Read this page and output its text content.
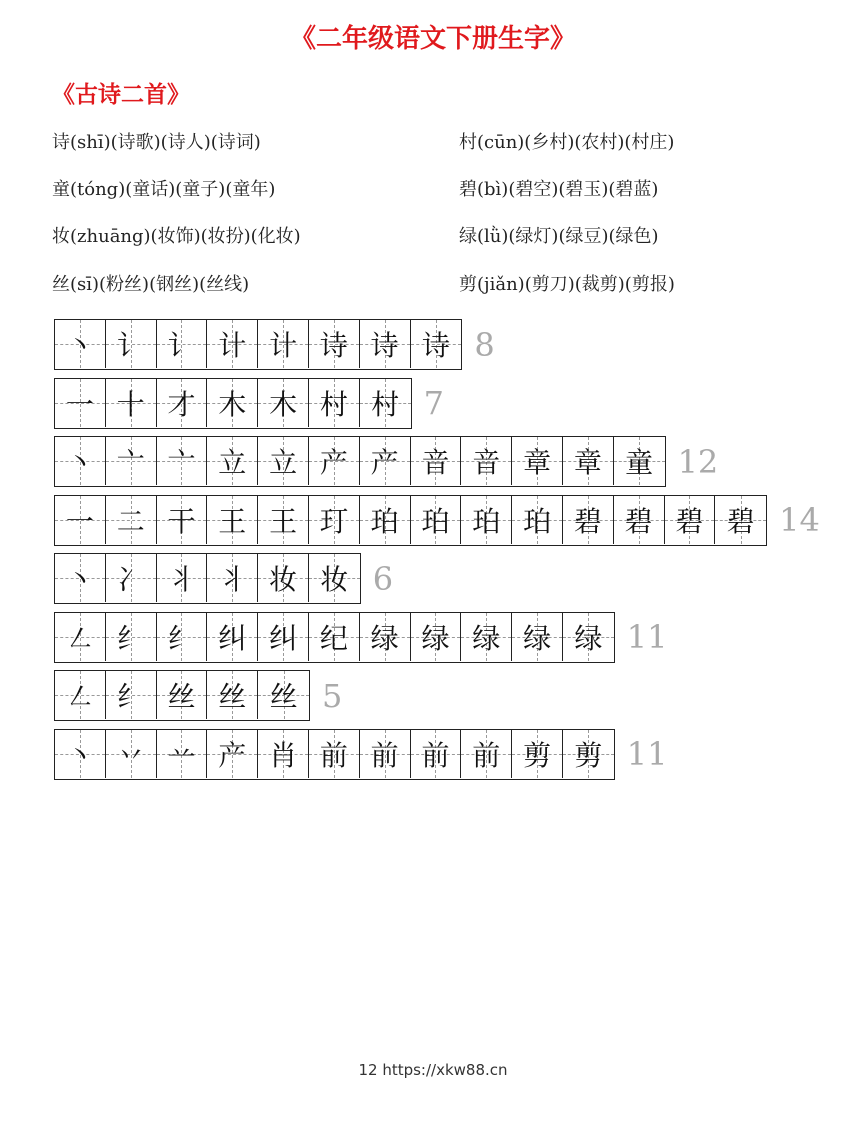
《二年级语文下册生字》
《古诗二首》
诗(shī)(诗歌)(诗人)(诗词)
童(tóng)(童话)(童子)(童年)
妆(zhuāng)(妆饰)(妆扮)(化妆)
丝(sī)(粉丝)(钢丝)(丝线)
村(cūn)(乡村)(农村)(村庄)
碧(bì)(碧空)(碧玉)(碧蓝)
绿(lǜ)(绿灯)(绿豆)(绿色)
剪(jiǎn)(剪刀)(裁剪)(剪报)
丶 讠 讠 计 计 诗 诗 诗 8
一 十 才 木 木 村 村 7
丶 亠 亠 立 立 产 产 音 音 章 章 童 12
一 二 干 王 王 玎 珀 珀 珀 珀 碧 碧 碧 碧 14
丶 冫 丬 丬 妆 妆 6
㇜ 纟 纟 纠 纠 纪 绿 绿 绿 绿 绿 11
㇜ 纟 丝 丝 丝 5
丶 丷 䒑 产 肖 前 前 前 前 剪 剪 11
12 https://xkw88.cn
